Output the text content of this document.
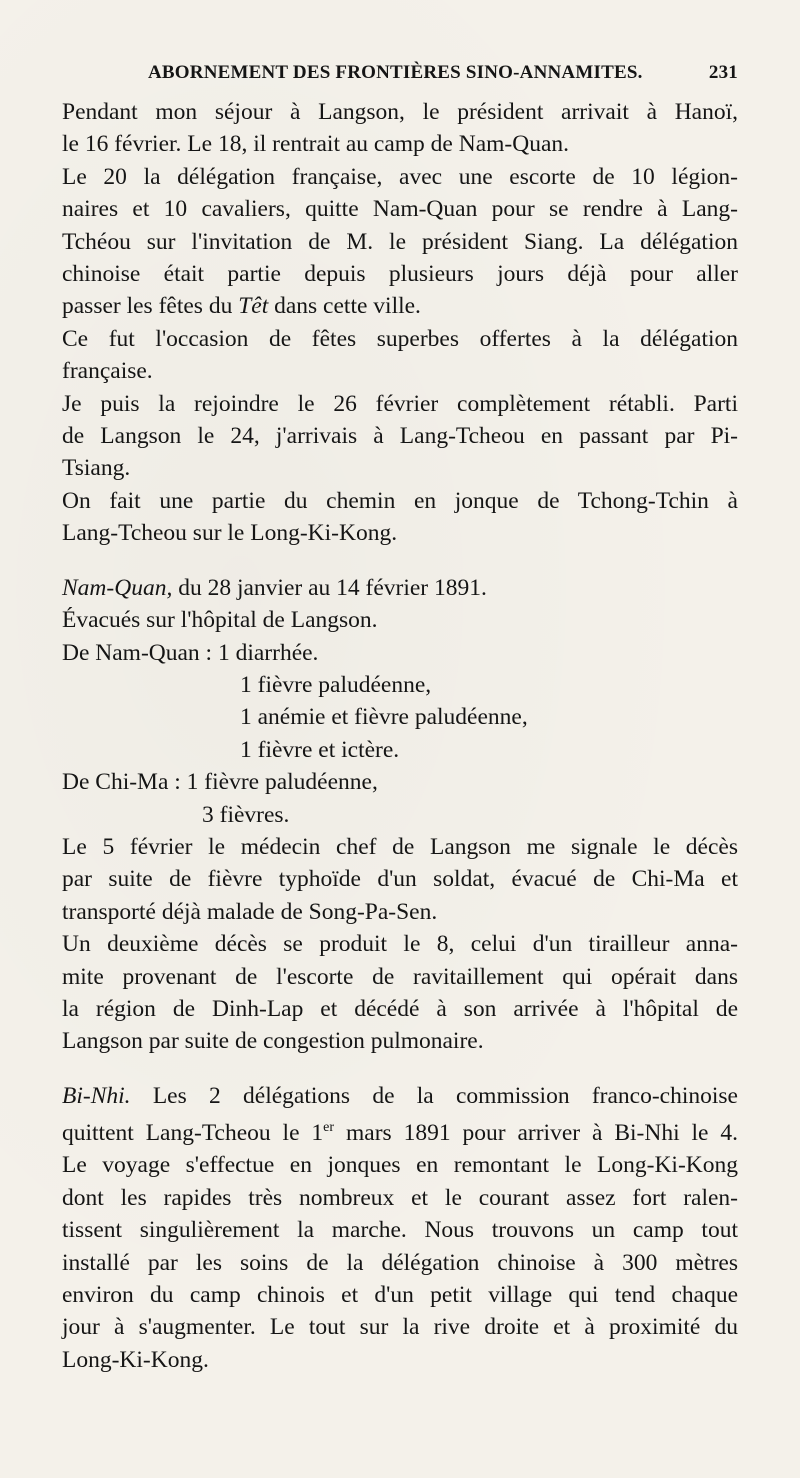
ABORNEMENT DES FRONTIÈRES SINO-ANNAMITES.	231
Pendant mon séjour à Langson, le président arrivait à Hanoï,
le 16 février. Le 18, il rentrait au camp de Nam-Quan.
Le 20 la délégation française, avec une escorte de 10 légion-
naires et 10 cavaliers, quitte Nam-Quan pour se rendre à Lang-
Tchéou sur l'invitation de M. le président Siang. La délégation
chinoise était partie depuis plusieurs jours déjà pour aller
passer les fêtes du Têt dans cette ville.
Ce fut l'occasion de fêtes superbes offertes à la délégation
française.
Je puis la rejoindre le 26 février complètement rétabli. Parti
de Langson le 24, j'arrivais à Lang-Tcheou en passant par Pi-
Tsiang.
On fait une partie du chemin en jonque de Tchong-Tchin à
Lang-Tcheou sur le Long-Ki-Kong.
Nam-Quan, du 28 janvier au 14 février 1891.
Évacués sur l'hôpital de Langson.
De Nam-Quan : 1 diarrhée.
1 fièvre paludéenne,
1 anémie et fièvre paludéenne,
1 fièvre et ictère.
De Chi-Ma : 1 fièvre paludéenne,
3 fièvres.
Le 5 février le médecin chef de Langson me signale le décès
par suite de fièvre typhoïde d'un soldat, évacué de Chi-Ma et
transporté déjà malade de Song-Pa-Sen.
Un deuxième décès se produit le 8, celui d'un tirailleur anna-
mite provenant de l'escorte de ravitaillement qui opérait dans
la région de Dinh-Lap et décédé à son arrivée à l'hôpital de
Langson par suite de congestion pulmonaire.
Bi-Nhi. Les 2 délégations de la commission franco-chinoise
quittent Lang-Tcheou le 1er mars 1891 pour arriver à Bi-Nhi le 4.
Le voyage s'effectue en jonques en remontant le Long-Ki-Kong
dont les rapides très nombreux et le courant assez fort ralen-
tissent singulièrement la marche. Nous trouvons un camp tout
installé par les soins de la délégation chinoise à 300 mètres
environ du camp chinois et d'un petit village qui tend chaque
jour à s'augmenter. Le tout sur la rive droite et à proximité du
Long-Ki-Kong.
